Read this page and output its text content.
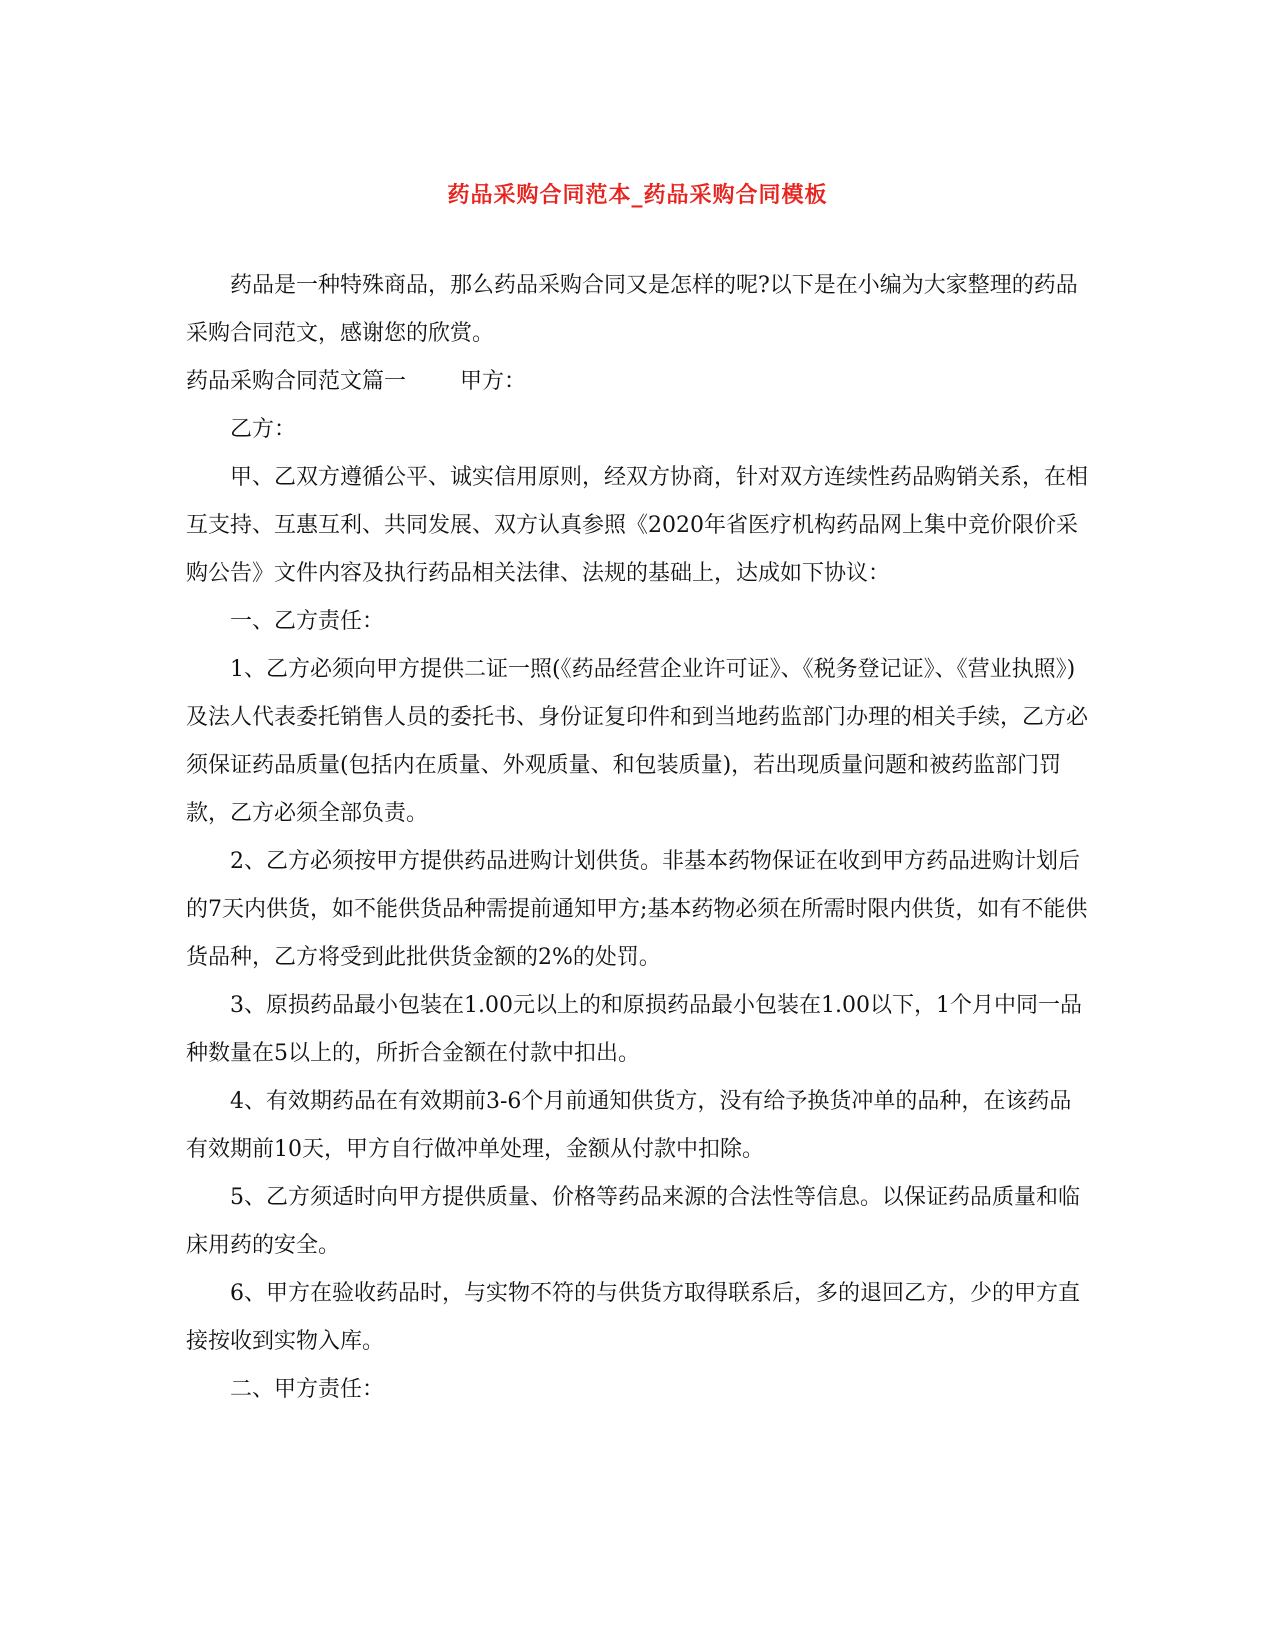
药品采购合同范本_药品采购合同模板

药品是一种特殊商品，那么药品采购合同又是怎样的呢?以下是在小编为大家整理的药品采购合同范文，感谢您的欣赏。

药品采购合同范文篇一 甲方：

乙方：

甲、乙双方遵循公平、诚实信用原则，经双方协商，针对双方连续性药品购销关系，在相互支持、互惠互利、共同发展、双方认真参照《2020年省医疗机构药品网上集中竞价限价采购公告》文件内容及执行药品相关法律、法规的基础上，达成如下协议：

一、乙方责任：

1、乙方必须向甲方提供二证一照(《药品经营企业许可证》、《税务登记证》、《营业执照》)及法人代表委托销售人员的委托书、身份证复印件和到当地药监部门办理的相关手续，乙方必须保证药品质量(包括内在质量、外观质量、和包装质量)，若出现质量问题和被药监部门罚款，乙方必须全部负责。

2、乙方必须按甲方提供药品进购计划供货。非基本药物保证在收到甲方药品进购计划后的7天内供货，如不能供货品种需提前通知甲方;基本药物必须在所需时限内供货，如有不能供货品种，乙方将受到此批供货金额的2%的处罚。

3、原损药品最小包装在1.00元以上的和原损药品最小包装在1.00以下，1个月中同一品种数量在5以上的，所折合金额在付款中扣出。

4、有效期药品在有效期前3-6个月前通知供货方，没有给予换货冲单的品种，在该药品有效期前10天，甲方自行做冲单处理，金额从付款中扣除。

5、乙方须适时向甲方提供质量、价格等药品来源的合法性等信息。以保证药品质量和临床用药的安全。

6、甲方在验收药品时，与实物不符的与供货方取得联系后，多的退回乙方，少的甲方直接按收到实物入库。

二、甲方责任：
